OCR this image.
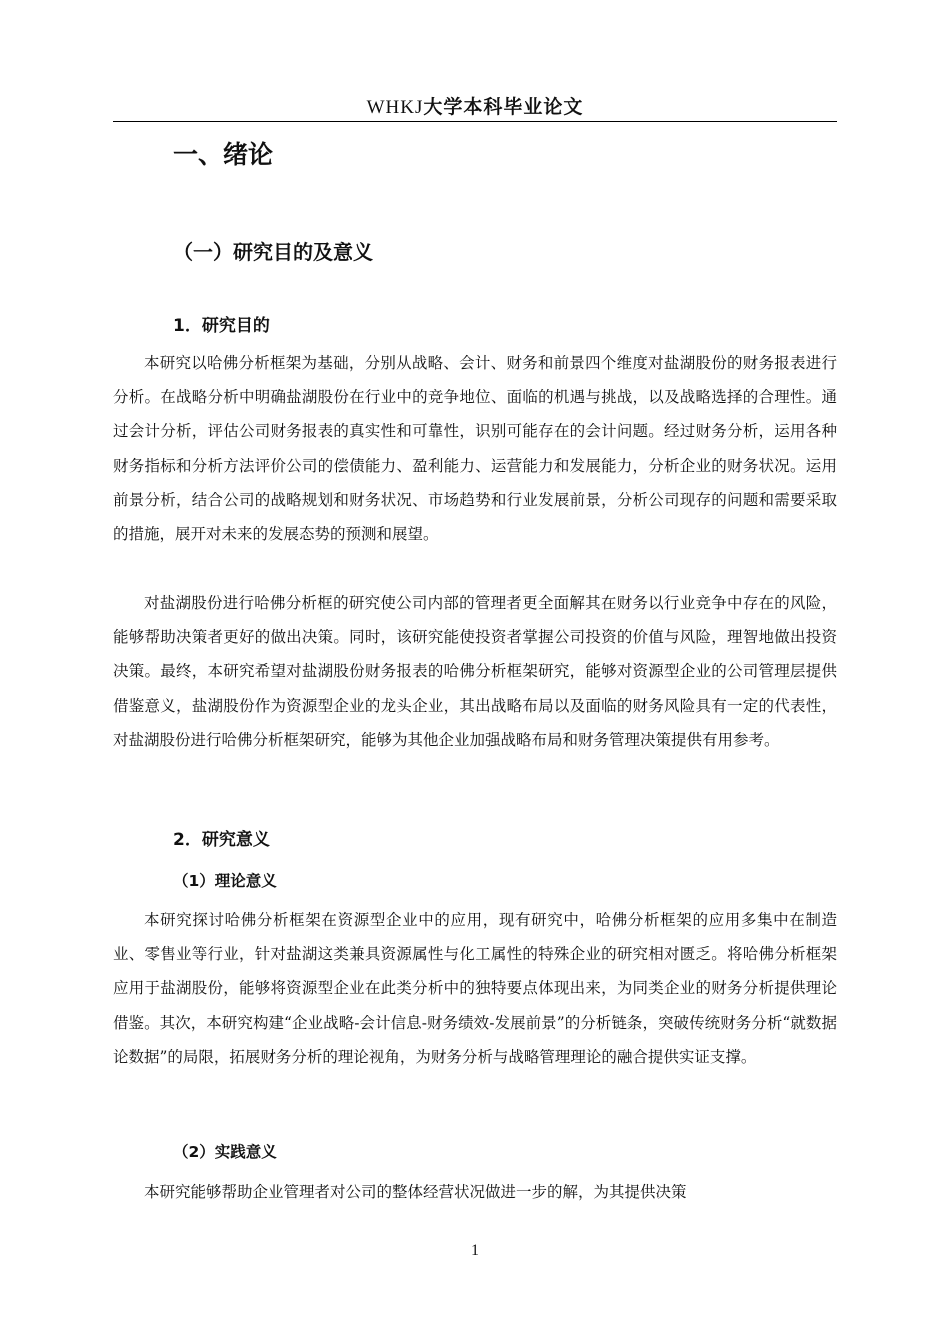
WHKJ大学本科毕业论文
一、绪论
（一）研究目的及意义
1．研究目的

本研究以哈佛分析框架为基础，分别从战略、会计、财务和前景四个维度对盐湖股份的财务报表进行分析。在战略分析中明确盐湖股份在行业中的竞争地位、面临的机遇与挑战，以及战略选择的合理性。通过会计分析，评估公司财务报表的真实性和可靠性，识别可能存在的会计问题。经过财务分析，运用各种财务指标和分析方法评价公司的偿债能力、盈利能力、运营能力和发展能力，分析企业的财务状况。运用前景分析，结合公司的战略规划和财务状况、市场趋势和行业发展前景，分析公司现存的问题和需要采取的措施，展开对未来的发展态势的预测和展望。

对盐湖股份进行哈佛分析框的研究使公司内部的管理者更全面解其在财务以行业竞争中存在的风险，能够帮助决策者更好的做出决策。同时，该研究能使投资者掌握公司投资的价值与风险，理智地做出投资决策。最终，本研究希望对盐湖股份财务报表的哈佛分析框架研究，能够对资源型企业的公司管理层提供借鉴意义，盐湖股份作为资源型企业的龙头企业，其出战略布局以及面临的财务风险具有一定的代表性，对盐湖股份进行哈佛分析框架研究，能够为其他企业加强战略布局和财务管理决策提供有用参考。

2．研究意义
（1）理论意义

本研究探讨哈佛分析框架在资源型企业中的应用，现有研究中，哈佛分析框架的应用多集中在制造业、零售业等行业，针对盐湖这类兼具资源属性与化工属性的特殊企业的研究相对匮乏。将哈佛分析框架应用于盐湖股份，能够将资源型企业在此类分析中的独特要点体现出来，为同类企业的财务分析提供理论借鉴。其次，本研究构建“企业战略-会计信息-财务绩效-发展前景”的分析链条，突破传统财务分析“就数据论数据”的局限，拓展财务分析的理论视角，为财务分析与战略管理理论的融合提供实证支撑。

（2）实践意义

本研究能够帮助企业管理者对公司的整体经营状况做进一步的解，为其提供决策

1
